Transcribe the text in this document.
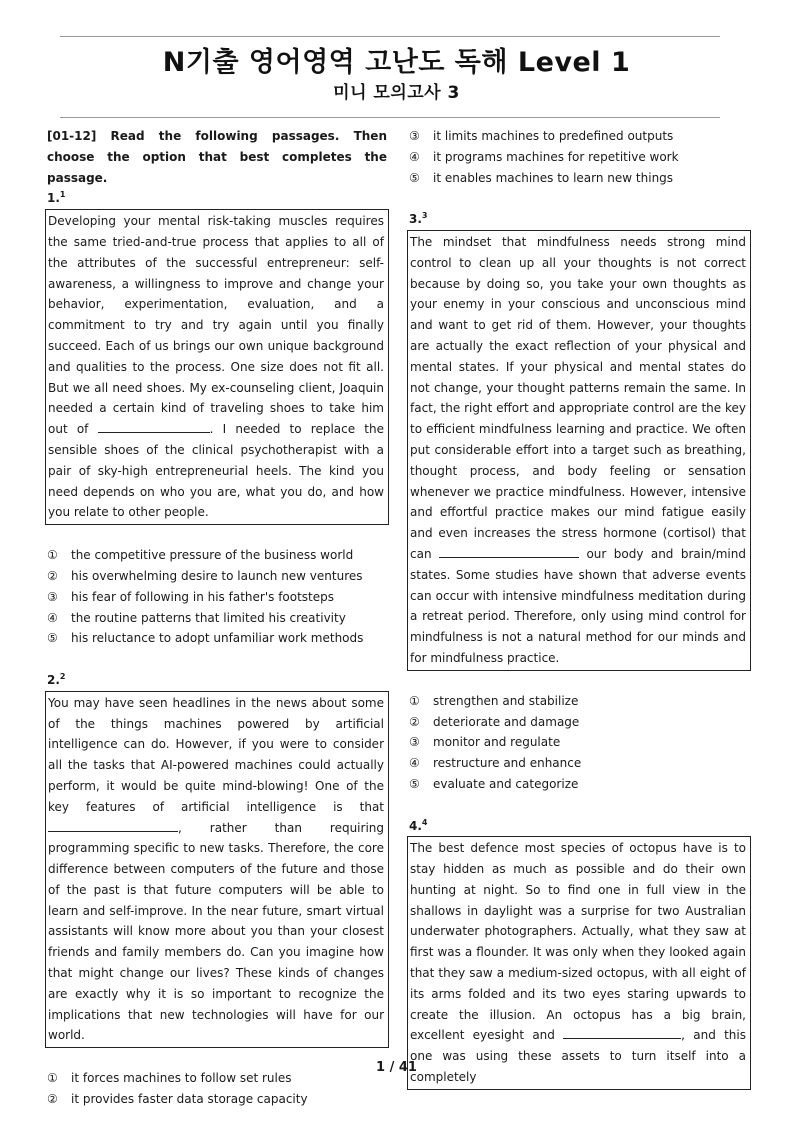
N기출 영어영역 고난도 독해 Level 1
미니 모의고사 3
[01-12] Read the following passages. Then choose the option that best completes the passage.
1.$^1$
Developing your mental risk-taking muscles requires the same tried-and-true process that applies to all of the attributes of the successful entrepreneur: self-awareness, a willingness to improve and change your behavior, experimentation, evaluation, and a commitment to try and try again until you finally succeed. Each of us brings our own unique background and qualities to the process. One size does not fit all. But we all need shoes. My ex-counseling client, Joaquin needed a certain kind of traveling shoes to take him out of	. I needed to replace the sensible shoes of the clinical psychotherapist with a pair of sky-high entrepreneurial heels. The kind you need depends on who you are, what you do, and how you relate to other people.
① the competitive pressure of the business world
② his overwhelming desire to launch new ventures
③ his fear of following in his father's footsteps
④ the routine patterns that limited his creativity
⑤ his reluctance to adopt unfamiliar work methods
2.$^2$
You may have seen headlines in the news about some of the things machines powered by artificial intelligence can do. However, if you were to consider all the tasks that AI-powered machines could actually perform, it would be quite mind-blowing! One of the key features of artificial intelligence is that , rather than requiring programming specific to new tasks. Therefore, the core difference between computers of the future and those of the past is that future computers will be able to learn and self-improve. In the near future, smart virtual assistants will know more about you than your closest friends and family members do. Can you imagine how that might change our lives? These kinds of changes are exactly why it is so important to recognize the implications that new technologies will have for our world.
① it forces machines to follow set rules
② it provides faster data storage capacity
③ it limits machines to predefined outputs
④ it programs machines for repetitive work
⑤ it enables machines to learn new things
3.$^3$
The mindset that mindfulness needs strong mind control to clean up all your thoughts is not correct because by doing so, you take your own thoughts as your enemy in your conscious and unconscious mind and want to get rid of them. However, your thoughts are actually the exact reflection of your physical and mental states. If your physical and mental states do not change, your thought patterns remain the same. In fact, the right effort and appropriate control are the key to efficient mindfulness learning and practice. We often put considerable effort into a target such as breathing, thought process, and body feeling or sensation whenever we practice mindfulness. However, intensive and effortful practice makes our mind fatigue easily and even increases the stress hormone (cortisol) that can	our body and brain/mind states. Some studies have shown that adverse events can occur with intensive mindfulness meditation during a retreat period. Therefore, only using mind control for mindfulness is not a natural method for our minds and for mindfulness practice.
① strengthen and stabilize
② deteriorate and damage
③ monitor and regulate
④ restructure and enhance
⑤ evaluate and categorize
4.$^4$
The best defence most species of octopus have is to stay hidden as much as possible and do their own hunting at night. So to find one in full view in the shallows in daylight was a surprise for two Australian underwater photographers. Actually, what they saw at first was a flounder. It was only when they looked again that they saw a medium-sized octopus, with all eight of its arms folded and its two eyes staring upwards to create the illusion. An octopus has a big brain, excellent eyesight and	, and this one was using these assets to turn itself into a completely
1 / 41
